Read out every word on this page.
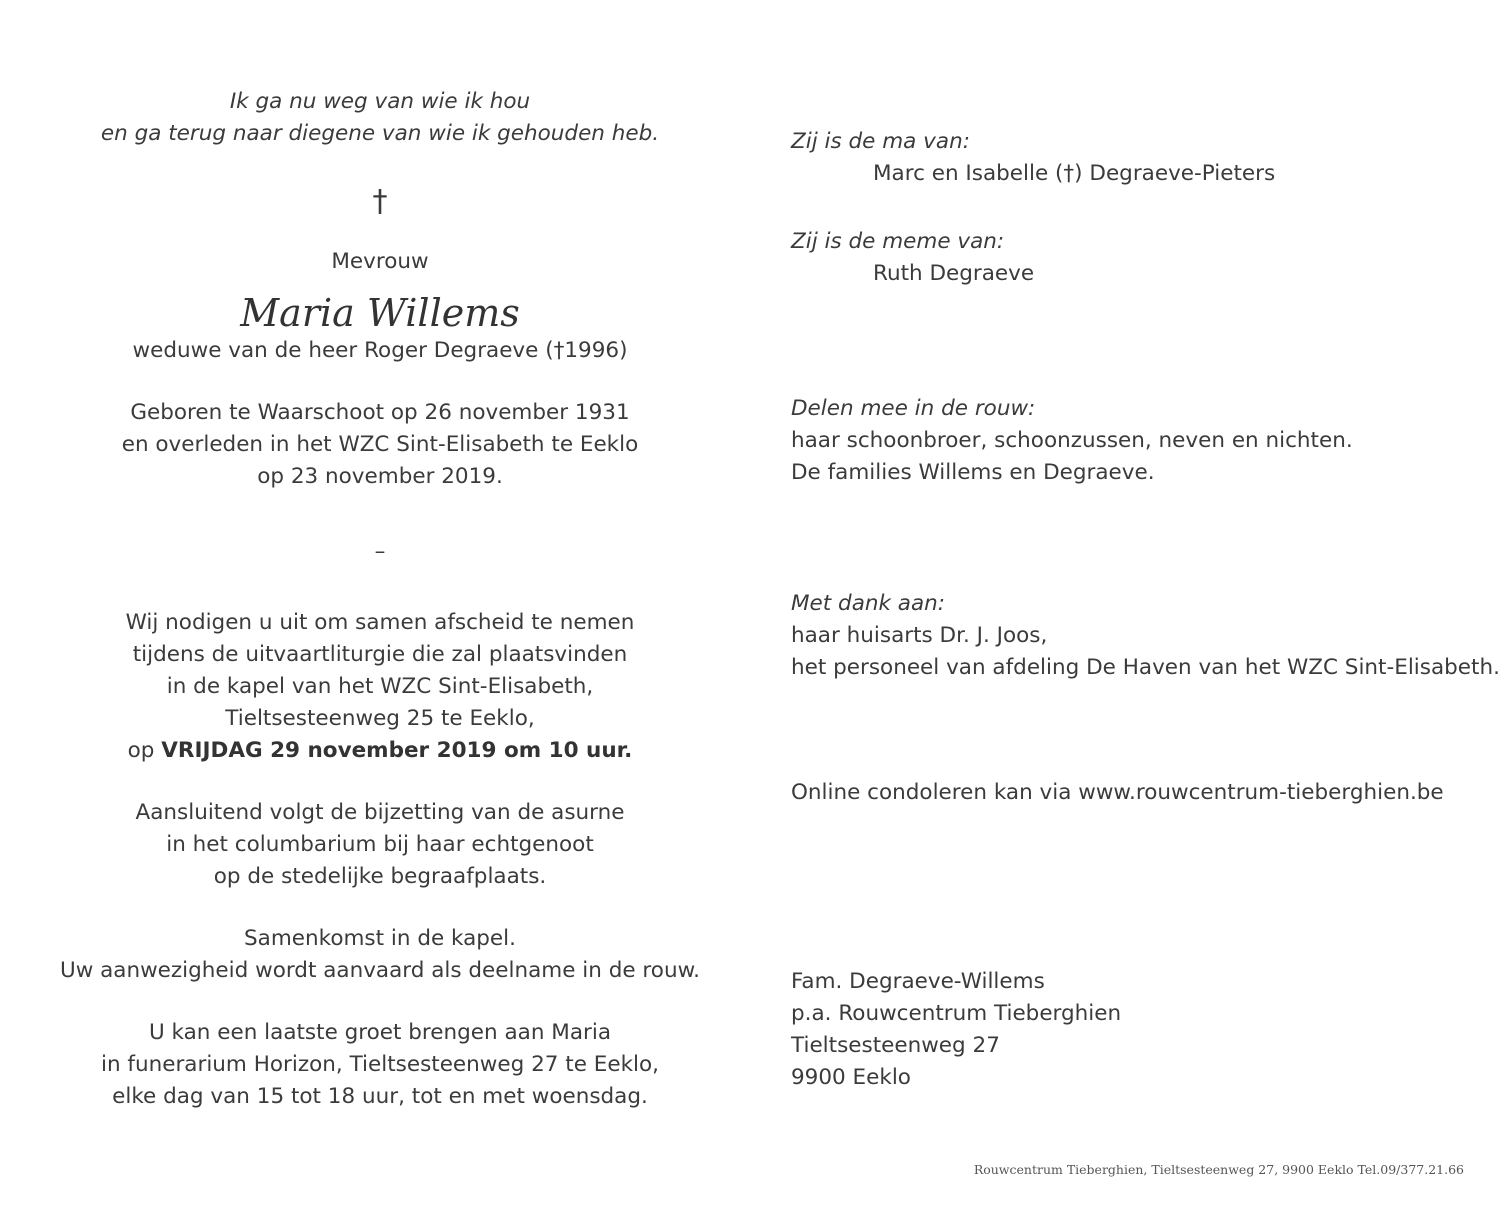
Ik ga nu weg van wie ik hou
en ga terug naar diegene van wie ik gehouden heb.
†
Mevrouw
Maria Willems
weduwe van de heer Roger Degraeve (†1996)
Geboren te Waarschoot op 26 november 1931
en overleden in het WZC Sint-Elisabeth te Eeklo
op 23 november 2019.
–
Wij nodigen u uit om samen afscheid te nemen
tijdens de uitvaartliturgie die zal plaatsvinden
in de kapel van het WZC Sint-Elisabeth,
Tieltsesteenweg 25 te Eeklo,
op VRIJDAG 29 november 2019 om 10 uur.
Aansluitend volgt de bijzetting van de asurne
in het columbarium bij haar echtgenoot
op de stedelijke begraafplaats.
Samenkomst in de kapel.
Uw aanwezigheid wordt aanvaard als deelname in de rouw.
U kan een laatste groet brengen aan Maria
in funerarium Horizon, Tieltsesteenweg 27 te Eeklo,
elke dag van 15 tot 18 uur, tot en met woensdag.
Zij is de ma van:
Marc en Isabelle (†) Degraeve-Pieters
Zij is de meme van:
Ruth Degraeve
Delen mee in de rouw:
haar schoonbroer, schoonzussen, neven en nichten.
De families Willems en Degraeve.
Met dank aan:
haar huisarts Dr. J. Joos,
het personeel van afdeling De Haven van het WZC Sint-Elisabeth.
Online condoleren kan via www.rouwcentrum-tieberghien.be
Fam. Degraeve-Willems
p.a. Rouwcentrum Tieberghien
Tieltsesteenweg 27
9900 Eeklo
Rouwcentrum Tieberghien, Tieltsesteenweg 27, 9900 Eeklo Tel.09/377.21.66
